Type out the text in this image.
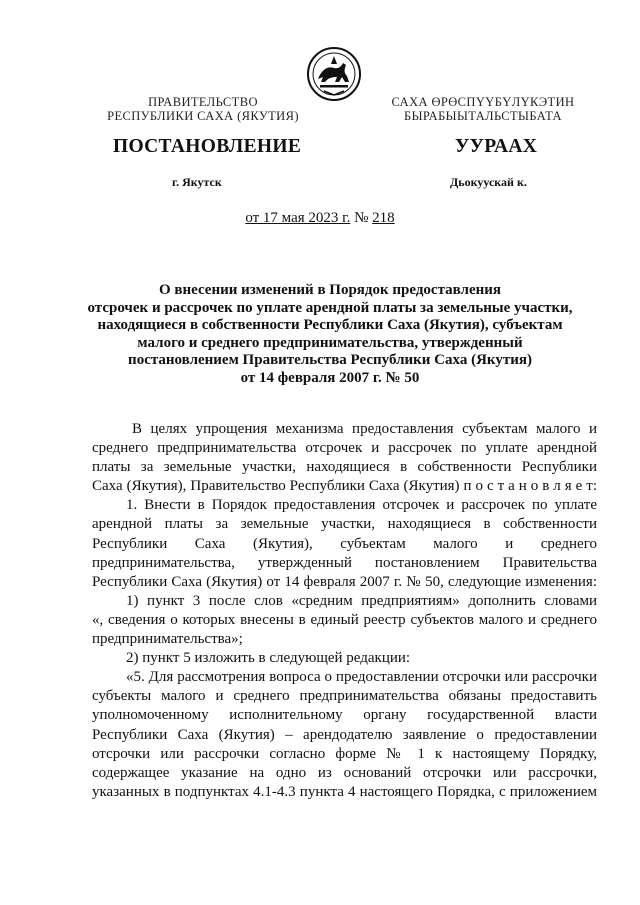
ПРАВИТЕЛЬСТВО
РЕСПУБЛИКИ САХА (ЯКУТИЯ)
САХА ӨРӨСПҮҮБҮЛҮКЭТИН
БЫРАБЫЫТАЛЬСТЫБАТА
ПОСТАНОВЛЕНИЕ	УУРААХ
г. Якутск	Дьокуускай к.
от 17 мая 2023 г. № 218
О внесении изменений в Порядок предоставления
отсрочек и рассрочек по уплате арендной платы за земельные участки,
находящиеся в собственности Республики Саха (Якутия), субъектам
малого и среднего предпринимательства, утвержденный
постановлением Правительства Республики Саха (Якутия)
от 14 февраля 2007 г. № 50
В целях упрощения механизма предоставления субъектам малого и
среднего предпринимательства отсрочек и рассрочек по уплате арендной
платы за земельные участки, находящиеся в собственности Республики
Саха (Якутия), Правительство Республики Саха (Якутия) п о с т а н о в л я е т:
1. Внести в Порядок предоставления отсрочек и рассрочек по уплате
арендной платы за земельные участки, находящиеся в собственности
Республики Саха (Якутия), субъектам малого и среднего
предпринимательства, утвержденный постановлением Правительства
Республики Саха (Якутия) от 14 февраля 2007 г. № 50, следующие изменения:
1) пункт 3 после слов «средним предприятиям» дополнить словами
«, сведения о которых внесены в единый реестр субъектов малого и среднего
предпринимательства»;
2) пункт 5 изложить в следующей редакции:
«5. Для рассмотрения вопроса о предоставлении отсрочки или рассрочки
субъекты малого и среднего предпринимательства обязаны предоставить
уполномоченному исполнительному органу государственной власти
Республики Саха (Якутия) – арендодателю заявление о предоставлении
отсрочки или рассрочки согласно форме № 1 к настоящему Порядку,
содержащее указание на одно из оснований отсрочки или рассрочки,
указанных в подпунктах 4.1-4.3 пункта 4 настоящего Порядка, с приложением
